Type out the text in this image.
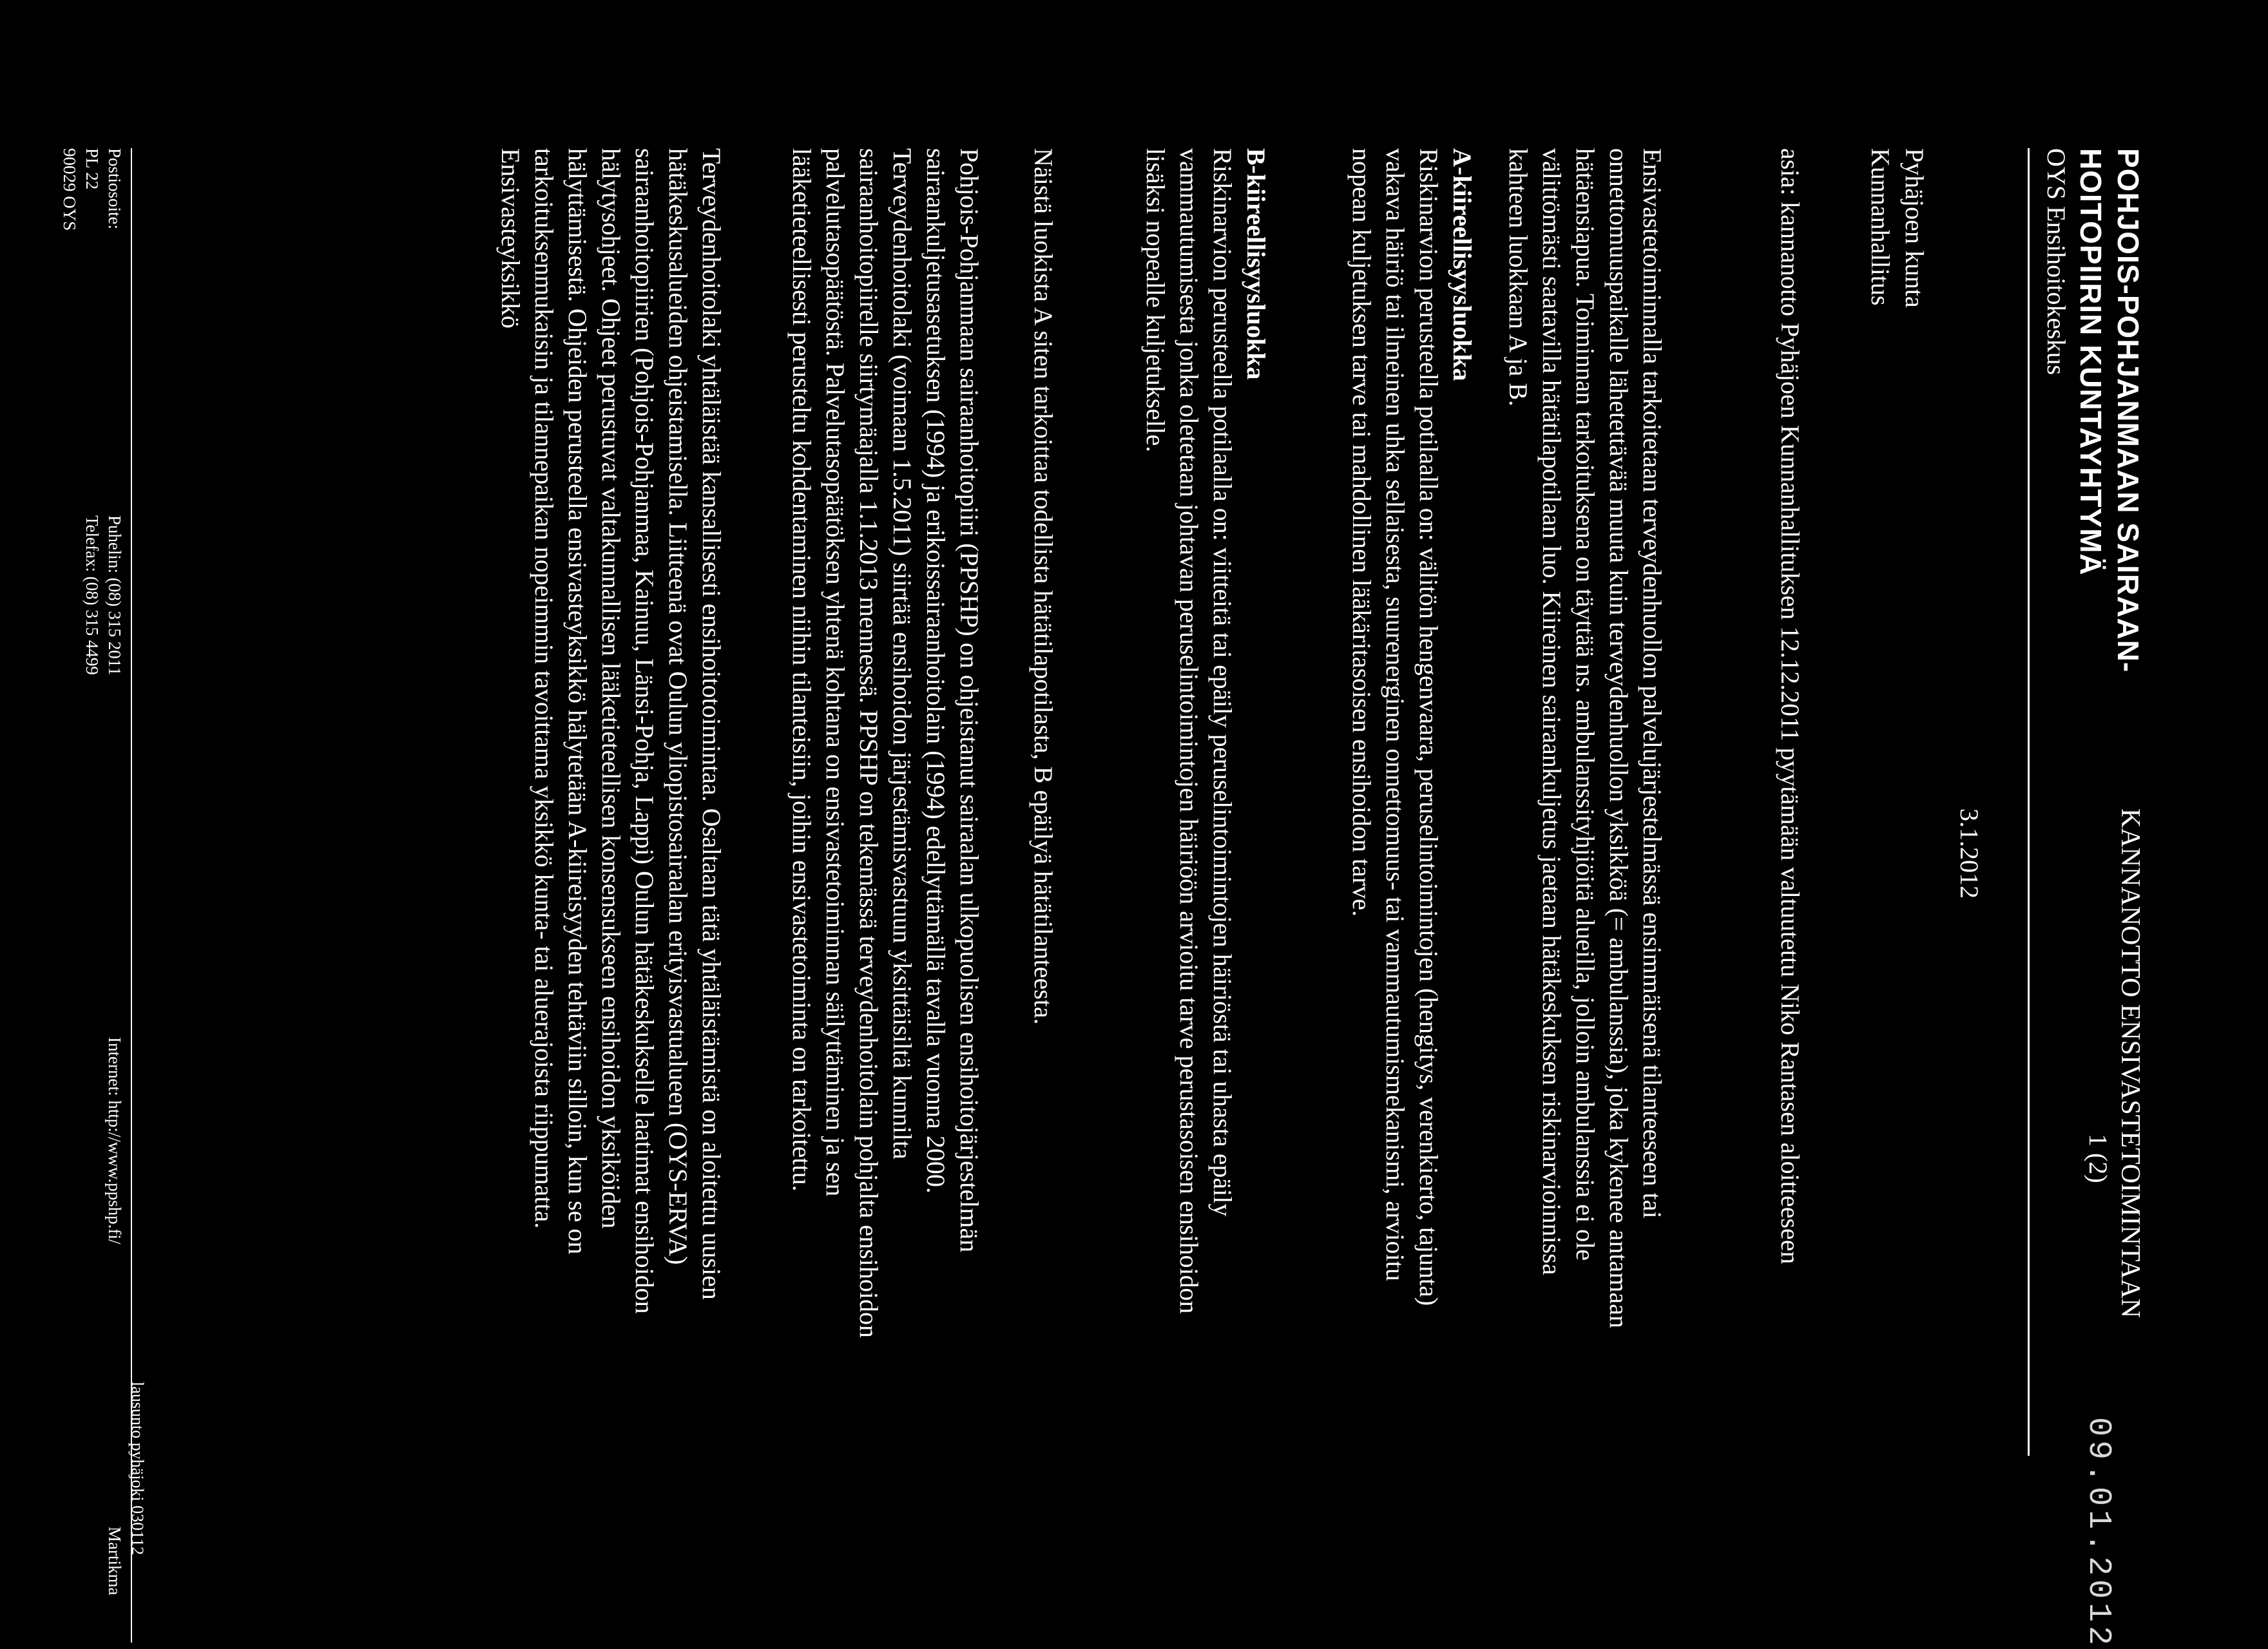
POHJOIS-POHJANMAAN SAIRAAN-
HOITOPIIRIN KUNTAYHTYMÄ
OYS Ensihoitokeskus
KANNANOTTO ENSIVASTETOIMINTAAN
1 (2)
09.01.2012
3.1.2012
Pyhäjoen kunta
Kunnanhallitus
asia: kannanotto Pyhäjoen Kunnanhallituksen 12.12.2011 pyytämään valtuutettu Niko Rantasen aloitteeseen
Ensivastetoiminnalla tarkoitetaan terveydenhuollon palvelujärjestelmässä ensimmäisenä tilanteeseen tai onnettomuuspaikalle lähetettävää muuta kuin terveydenhuollon yksikköä (= ambulanssia), joka kykenee antamaan hätäensiapua. Toiminnan tarkoituksena on täyttää ns. ambulanssityhjiöitä alueilla, jolloin ambulanssia ei ole välittömästi saatavilla hätätilapotilaan luo. Kiireinen sairaankuljetus jaetaan hätäkeskuksen riskinarvioinnissa kahteen luokkaan A ja B.
A-kiireellisyysluokka
Riskinarvion perusteella potilaalla on: välitön hengenvaara, peruselintoimintojen (hengitys, verenkierto, tajunta) vakava häiriö tai ilmeinen uhka sellaisesta, suurenerginen onnettomuus- tai vammautumismekanismi, arvioitu nopean kuljetuksen tarve tai mahdollinen lääkäritasoisen ensihoidon tarve.
B-kiireellisyysluokka
Riskinarvion perusteella potilaalla on: viitteitä tai epäily peruselintoimintojen häiriöstä tai uhasta epäily vammautumisesta jonka oletetaan johtavan peruselintoimintojen häiriöön arvioitu tarve perustasoisen ensihoidon lisäksi nopealle kuljetukselle.
Näistä luokista A siten tarkoittaa todellista hätätilapotilasta, B epäilyä hätätilanteesta.
Pohjois-Pohjanmaan sairaanhoitopiiri (PPSHP) on ohjeistanut sairaalan ulkopuolisen ensihoitojärjestelmän sairaankuljetusasetuksen (1994) ja erikoissairaanhoitolain (1994) edellyttämällä tavalla vuonna 2000. Terveydenhoitolaki (voimaan 1.5.2011) siirtää ensihoidon järjestämisvastuun yksittäisiltä kunnilta sairaanhoitopiirelle siirtymäajalla 1.1.2013 mennessä. PPSHP on tekemässä terveydenhoitolain pohjalta ensihoidon palvelutasopäätöstä. Palvelutasopäätöksen yhtenä kohtana on ensivastetoiminnan säilyttäminen ja sen lääketieteellisesti perusteltu kohdentaminen niihin tilanteisiin, joihin ensivastetoiminta on tarkoitettu.
Terveydenhoitolaki yhtäläistää kansallisesti ensihoitotoimintaa. Osaltaan tätä yhtäläistämistä on aloitettu uusien hätäkeskusalueiden ohjeistamisella. Liitteenä ovat Oulun yliopistosairaalan erityisvastualueen (OYS-ERVA) sairaanhoitopiirien (Pohjois-Pohjanmaa, Kainuu, Länsi-Pohja, Lappi) Oulun hätäkeskukselle laatimat ensihoidon hälytysohjeet. Ohjeet perustuvat valtakunnallisen lääketieteellisen konsensukseen ensihoidon yksiköiden hälyttämisestä. Ohjeiden perusteella ensivasteyksikkö hälytetään A-kiireisyyden tehtäviin silloin, kun se on tarkoituksenmukaisin ja tilannepaikan nopeimmin tavoittama yksikkö kunta- tai aluerajoista riippumatta. Ensivasteyksikkö
Postiosoite:
PL 22
90029 OYS
Puhelin: (08) 315 2011
Telefax: (08) 315 4499
Internet: http://www.ppshp.fi/
lausunto pyhäjoki 030112
Martikma
